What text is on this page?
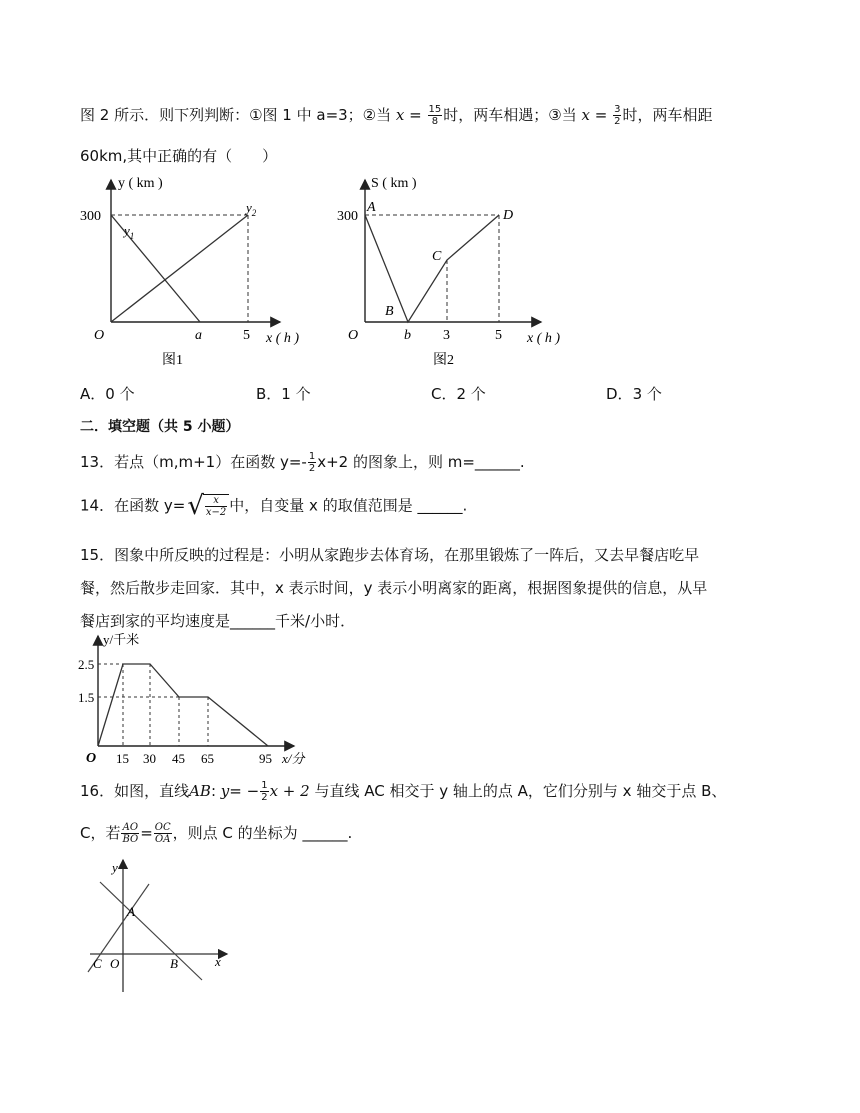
图 2 所示．则下列判断：①图 1 中 a=3；②当 $x = \frac{15}{8}$ 时，两车相遇；③当 $x = \frac{3}{2}$ 时，两车相距
60km,其中正确的有（　　）
y ( km )
300
O	a	5 x ( h )
$y_1$
$y_2$
图1
S ( km )
300
A
B
C
D
O	b 3	5 x ( h )
图2
A．0 个	B．1 个	C．2 个	D．3 个
二．填空题（共 5 小题）
13．若点（m,m+1）在函数 $y=- \frac{1}{2} x+2$ 的图象上，则 m=______.
14．在函数 $y=√ \frac{x}{x-2}$ 中，自变量 x 的取值范围是 ______.
15．图象中所反映的过程是：小明从家跑步去体育场，在那里锻炼了一阵后，又去早餐店吃早
餐，然后散步走回家．其中，x 表示时间，y 表示小明离家的距离，根据图象提供的信息，从早
餐店到家的平均速度是______千米/小时．
y/千米
2.5
1.5
O 15 30 45 65	95 x/分
16．如图，直线AB: $y= - \frac{1}{2}$ x + 2 与直线 AC 相交于 y 轴上的点 A，它们分别与 x 轴交于点 B、
C，若 $\frac{AO}{BO} = \frac{OC}{OA}$ ，则点 C 的坐标为 ______.
y
x
A
C O	B
